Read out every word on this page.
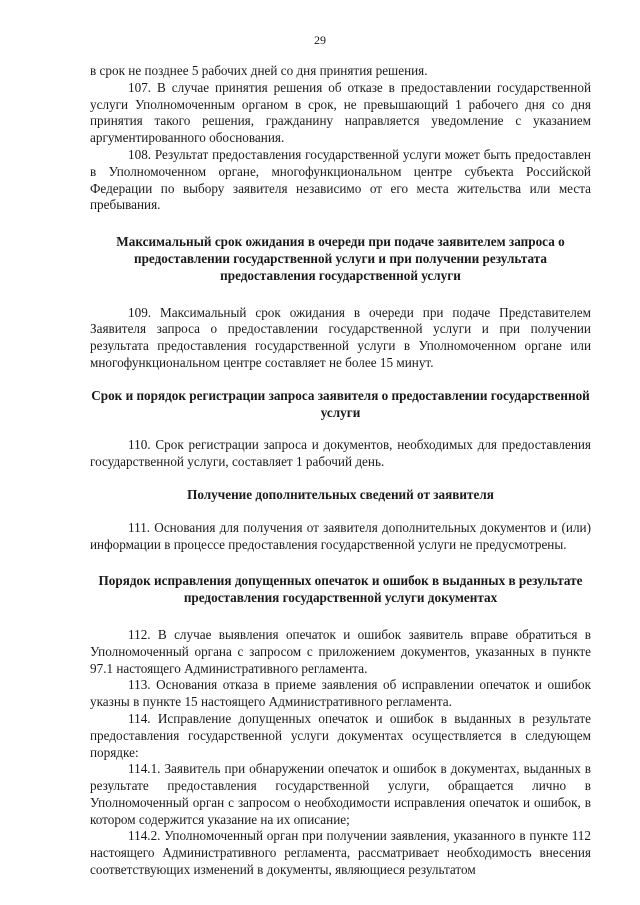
29

в срок не позднее 5 рабочих дней со дня принятия решения.

107. В случае принятия решения об отказе в предоставлении государственной услуги Уполномоченным органом в срок, не превышающий 1 рабочего дня со дня принятия такого решения, гражданину направляется уведомление с указанием аргументированного обоснования.

108. Результат предоставления государственной услуги может быть предоставлен в Уполномоченном органе, многофункциональном центре субъекта Российской Федерации по выбору заявителя независимо от его места жительства или места пребывания.

Максимальный срок ожидания в очереди при подаче заявителем запроса о предоставлении государственной услуги и при получении результата предоставления государственной услуги

109. Максимальный срок ожидания в очереди при подаче Представителем Заявителя запроса о предоставлении государственной услуги и при получении результата предоставления государственной услуги в Уполномоченном органе или многофункциональном центре составляет не более 15 минут.

Срок и порядок регистрации запроса заявителя о предоставлении государственной услуги

110. Срок регистрации запроса и документов, необходимых для предоставления государственной услуги, составляет 1 рабочий день.

Получение дополнительных сведений от заявителя

111. Основания для получения от заявителя дополнительных документов и (или) информации в процессе предоставления государственной услуги не предусмотрены.

Порядок исправления допущенных опечаток и ошибок в выданных в результате предоставления государственной услуги документах

112. В случае выявления опечаток и ошибок заявитель вправе обратиться в Уполномоченный органа с запросом с приложением документов, указанных в пункте 97.1 настоящего Административного регламента.

113. Основания отказа в приеме заявления об исправлении опечаток и ошибок указны в пункте 15 настоящего Административного регламента.

114. Исправление допущенных опечаток и ошибок в выданных в результате предоставления государственной услуги документах осуществляется в следующем порядке:

114.1. Заявитель при обнаружении опечаток и ошибок в документах, выданных в результате предоставления государственной услуги, обращается лично в Уполномоченный орган с запросом о необходимости исправления опечаток и ошибок, в котором содержится указание на их описание;

114.2. Уполномоченный орган при получении заявления, указанного в пункте 112 настоящего Административного регламента, рассматривает необходимость внесения соответствующих изменений в документы, являющиеся результатом
